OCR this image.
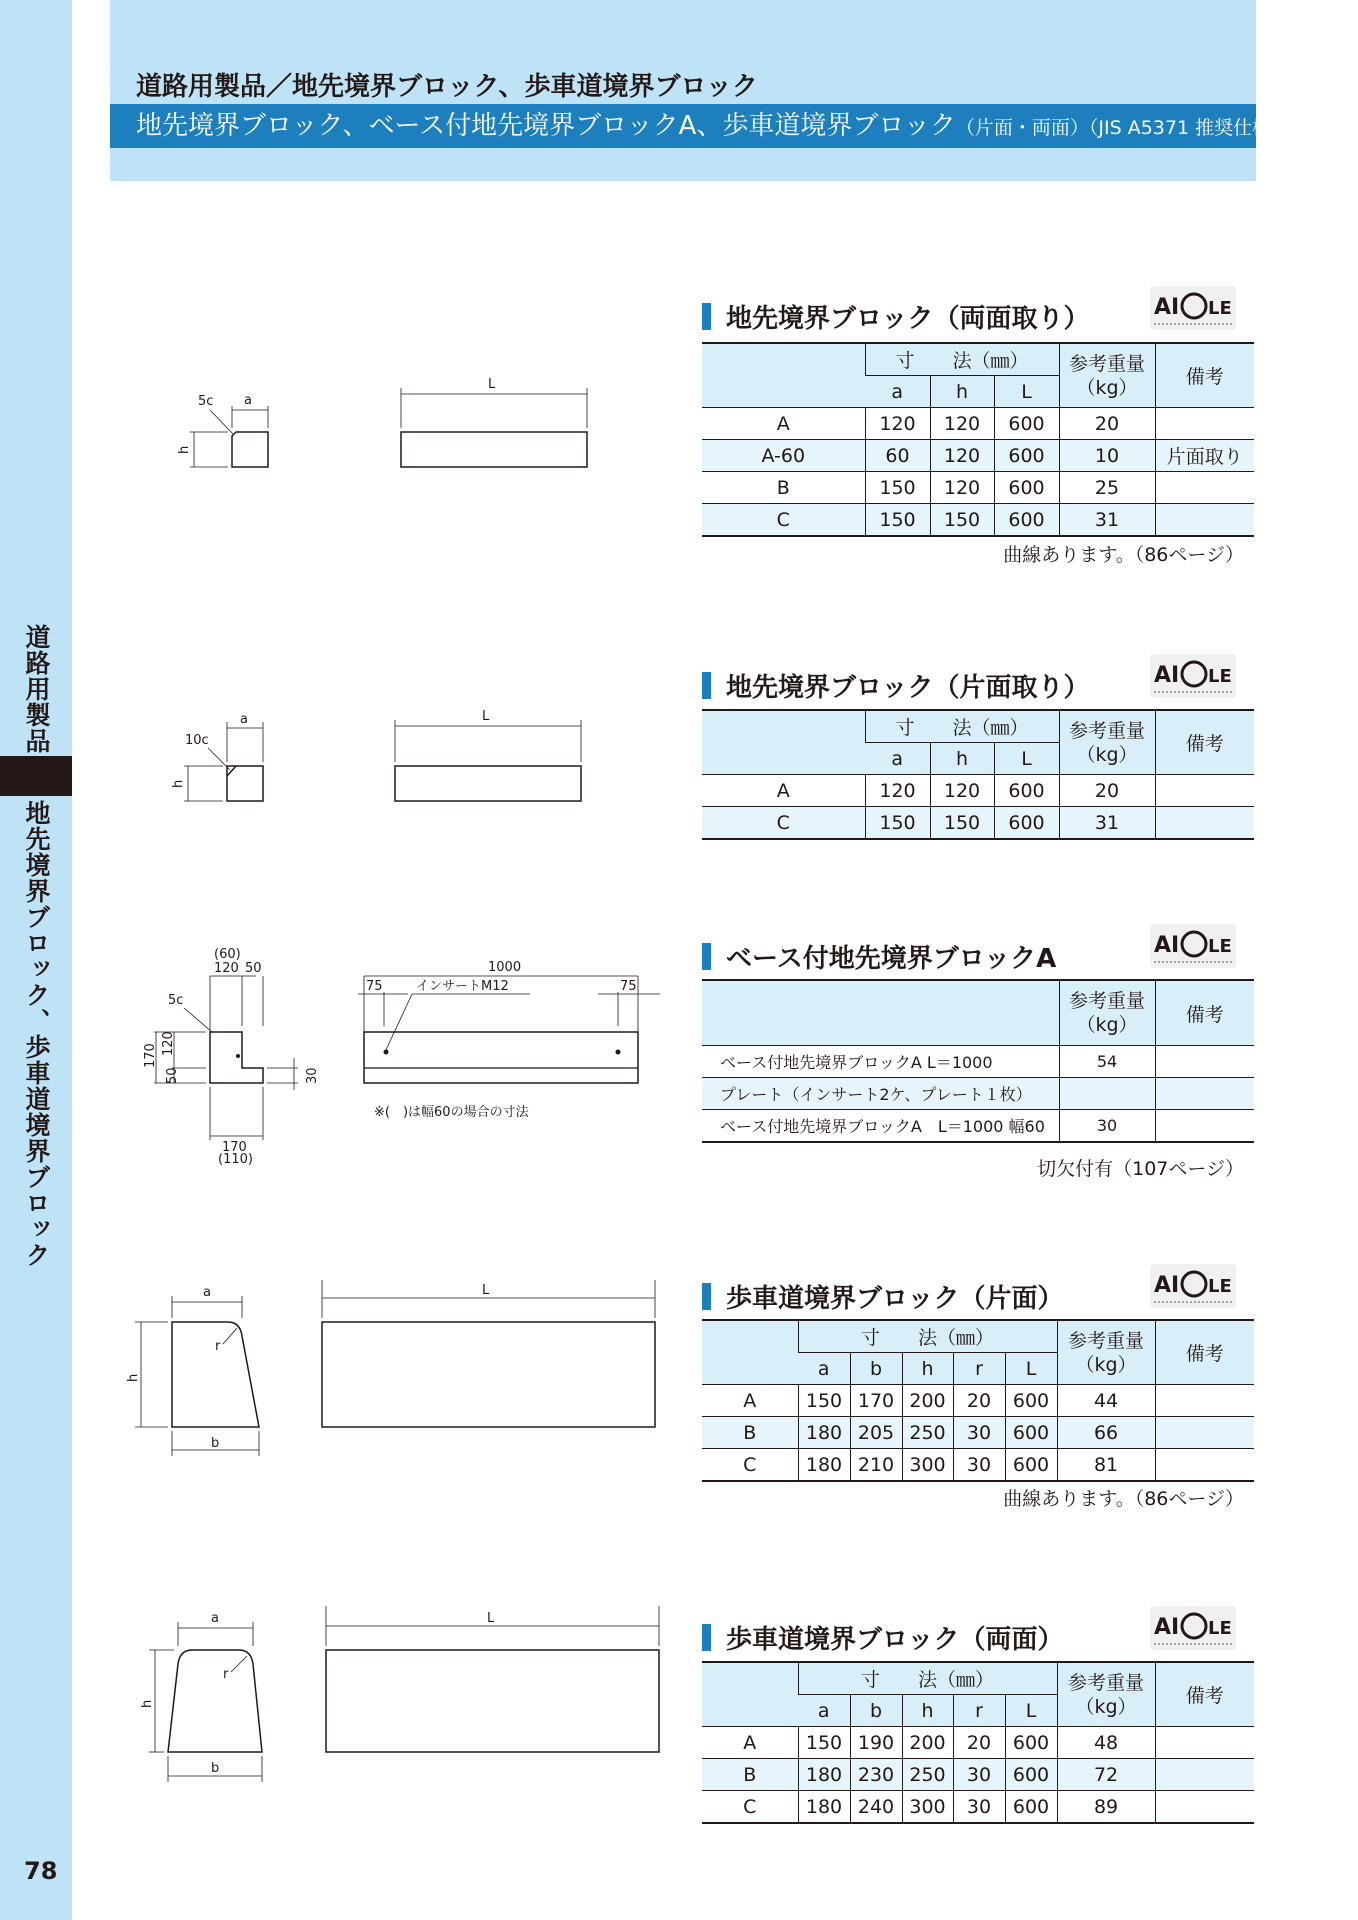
道路用製品
地先境界ブロック、歩車道境界ブロック
78
道路用製品／地先境界ブロック、歩車道境界ブロック
地先境界ブロック、ベース付地先境界ブロックA、歩車道境界ブロック（片面・両面）（JIS A5371 推奨仕様B-2）
地先境界ブロック（両面取り）	AI LE
	寸　　法（㎜）			参考重量（kg）	備考
	a	h	L		
A	120	120	600	20	
A-60	60	120	600	10	片面取り
B	150	120	600	25	
C	150	150	600	31	
曲線あります。（86ページ）
a
5c
h
L
地先境界ブロック（片面取り）	AI LE
	寸　　法（㎜）			参考重量（kg）	備考
	a	h	L		
A	120	120	600	20	
C	150	150	600	31	
a
10c
h
L
ベース付地先境界ブロックA	AI LE
	参考重量（kg）	備考
ベース付地先境界ブロックA L＝1000	54	
プレート（インサート2ケ、プレート１枚）		
ベース付地先境界ブロックA　L＝1000 幅60	30	
切欠付有（107ページ）
(60)
120 50
5c
170 120
50	30
170
(110)
1000
75	75
インサートM12
※(　)は幅60の場合の寸法
歩車道境界ブロック（片面）	AI LE
	寸　　法（㎜）					参考重量（kg）	備考
	a	b	h	r	L		
A	150	170	200	20	600	44	
B	180	205	250	30	600	66	
C	180	210	300	30	600	81	
曲線あります。（86ページ）
a
r
h
b
L
歩車道境界ブロック（両面）	AI LE
	寸　　法（㎜）					参考重量（kg）	備考
	a	b	h	r	L		
A	150	190	200	20	600	48	
B	180	230	250	30	600	72	
C	180	240	300	30	600	89	
a
r
h
b
L
